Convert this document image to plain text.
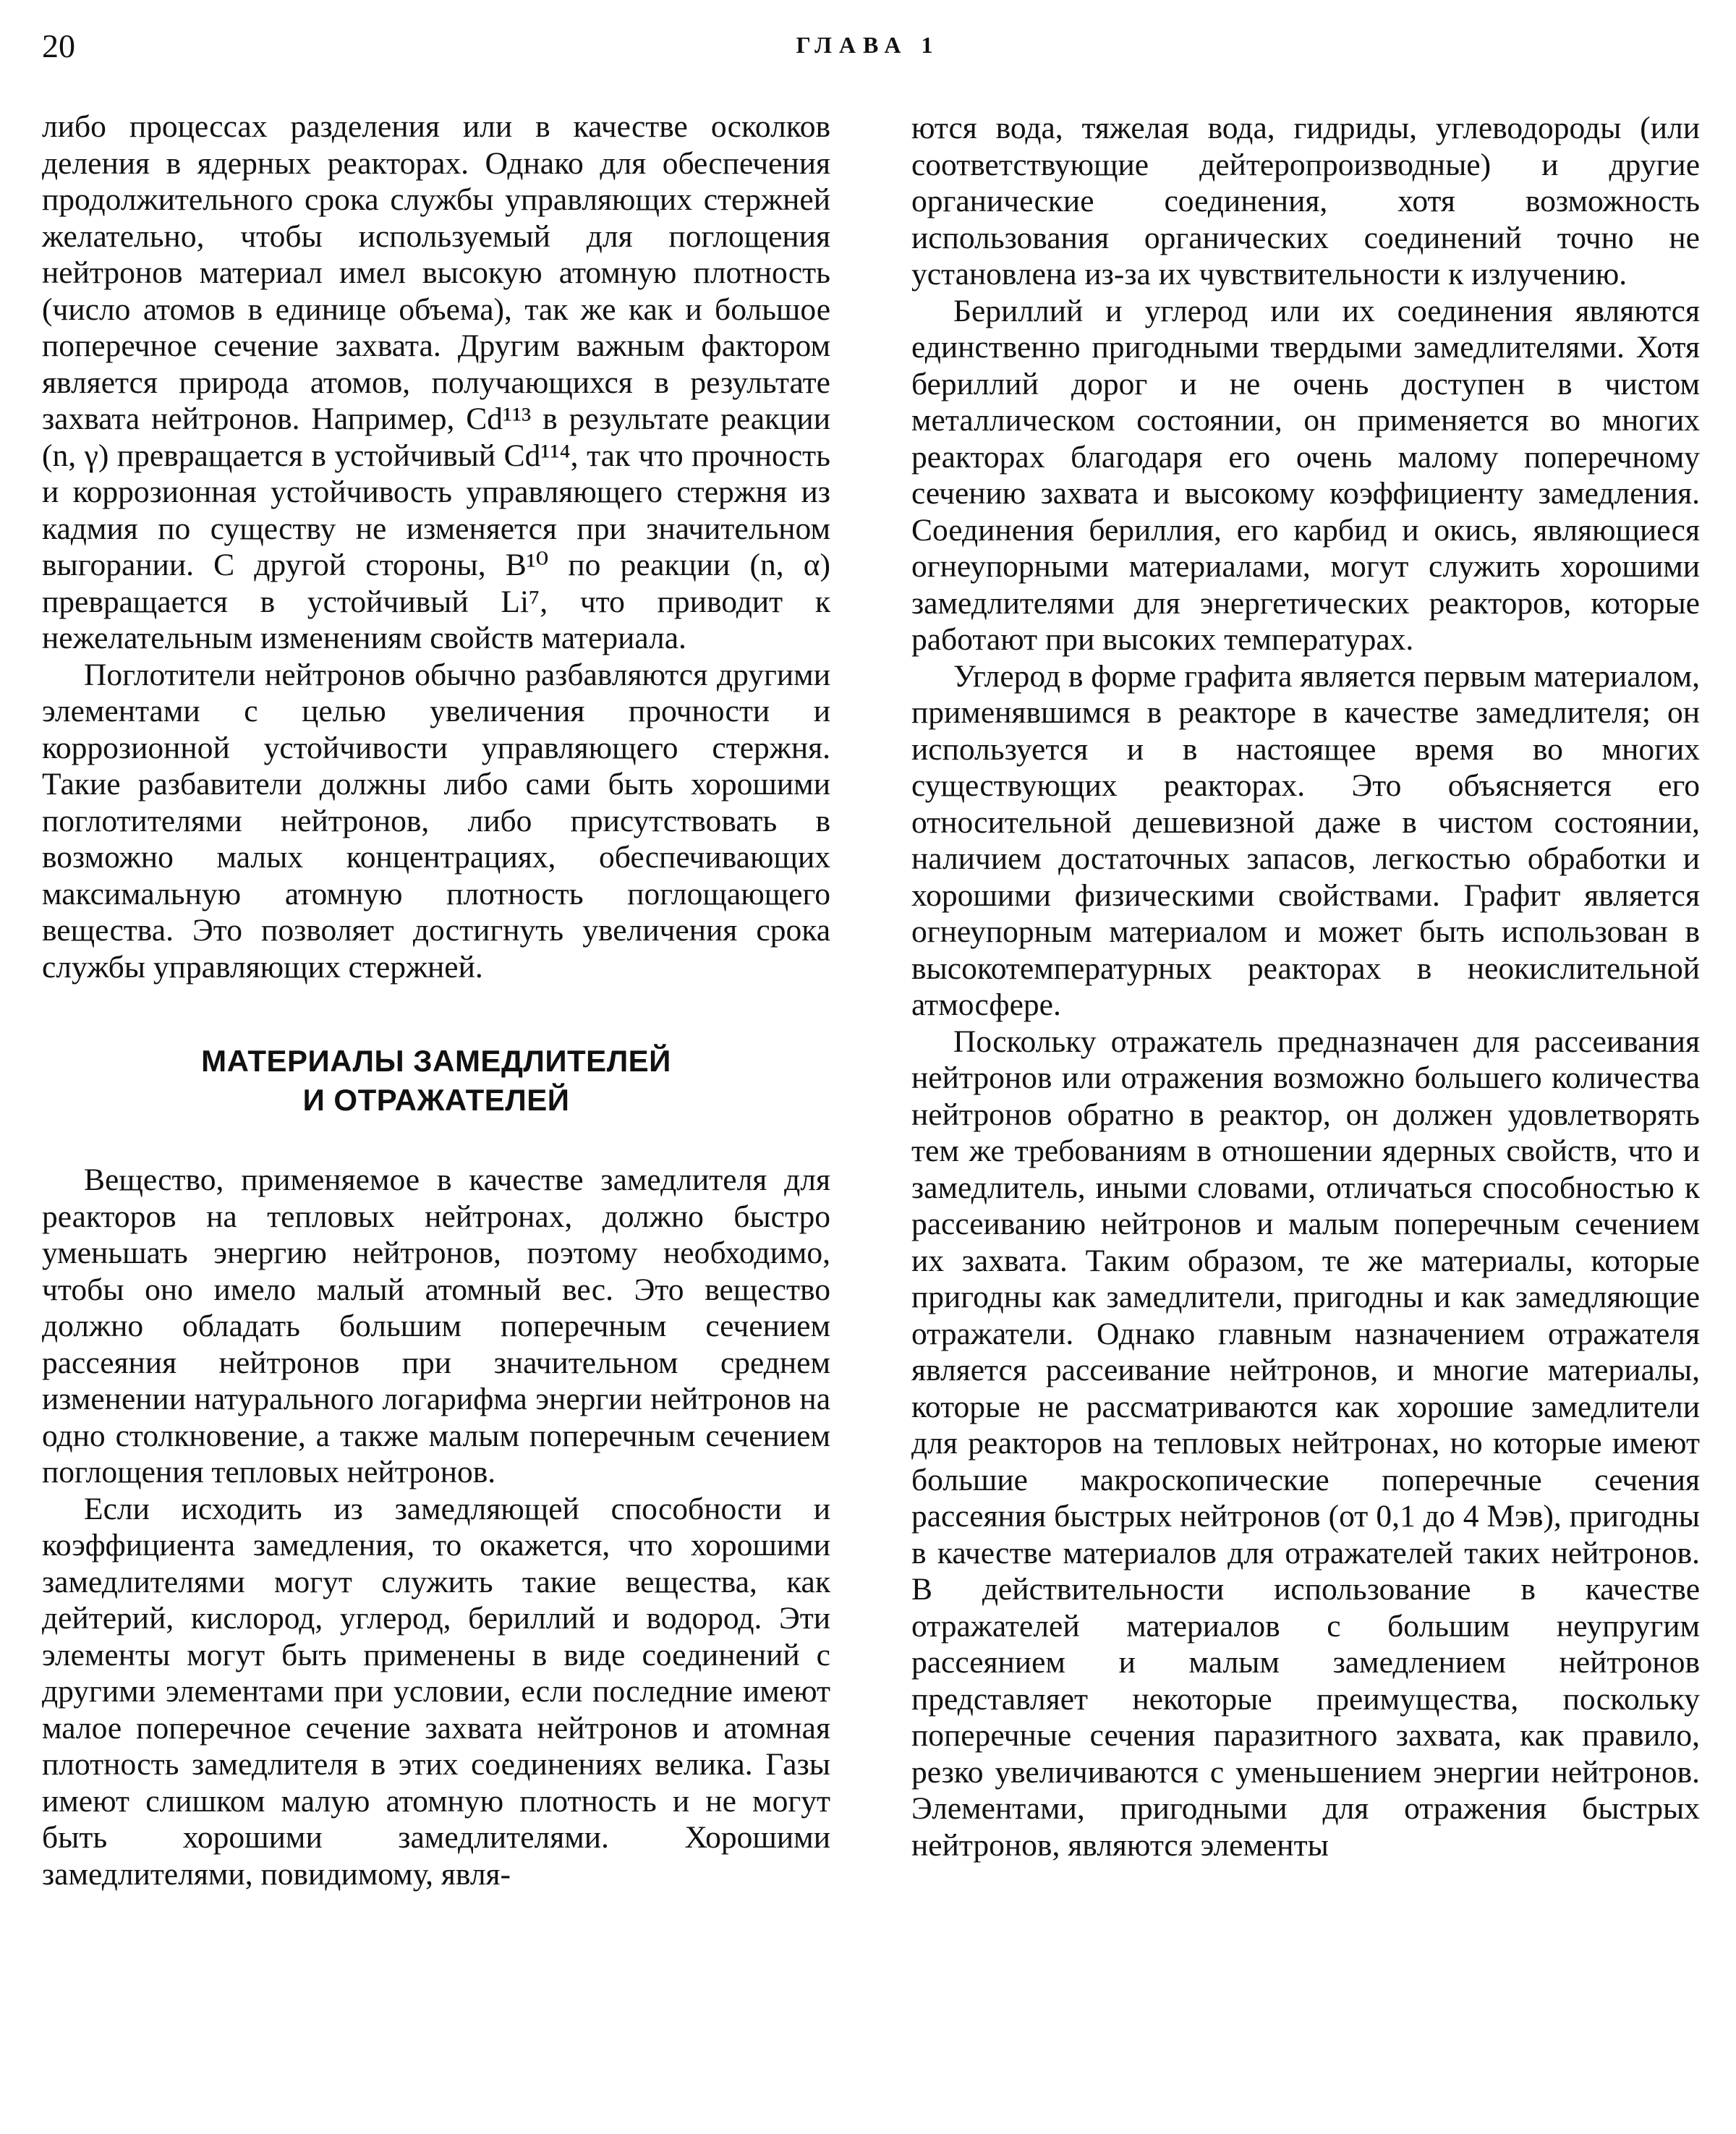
20	ГЛАВА 1

либо процессах разделения или в качестве осколков деления в ядерных реакторах. Однако для обеспечения продолжительного срока службы управляющих стержней желательно, чтобы используемый для поглощения нейтронов материал имел высокую атомную плотность (число атомов в единице объема), так же как и большое поперечное сечение захвата. Другим важным фактором является природа атомов, получающихся в результате захвата нейтронов. Например, Cd¹¹³ в результате реакции (n, γ) превращается в устойчивый Cd¹¹⁴, так что прочность и коррозионная устойчивость управляющего стержня из кадмия по существу не изменяется при значительном выгорании. С другой стороны, B¹⁰ по реакции (n, α) превращается в устойчивый Li⁷, что приводит к нежелательным изменениям свойств материала.

Поглотители нейтронов обычно разбавляются другими элементами с целью увеличения прочности и коррозионной устойчивости управляющего стержня. Такие разбавители должны либо сами быть хорошими поглотителями нейтронов, либо присутствовать в возможно малых концентрациях, обеспечивающих максимальную атомную плотность поглощающего вещества. Это позволяет достигнуть увеличения срока службы управляющих стержней.

МАТЕРИАЛЫ ЗАМЕДЛИТЕЛЕЙ
И ОТРАЖАТЕЛЕЙ

Вещество, применяемое в качестве замедлителя для реакторов на тепловых нейтронах, должно быстро уменьшать энергию нейтронов, поэтому необходимо, чтобы оно имело малый атомный вес. Это вещество должно обладать большим поперечным сечением рассеяния нейтронов при значительном среднем изменении натурального логарифма энергии нейтронов на одно столкновение, а также малым поперечным сечением поглощения тепловых нейтронов.

Если исходить из замедляющей способности и коэффициента замедления, то окажется, что хорошими замедлителями могут служить такие вещества, как дейтерий, кислород, углерод, бериллий и водород. Эти элементы могут быть применены в виде соединений с другими элементами при условии, если последние имеют малое поперечное сечение захвата нейтронов и атомная плотность замедлителя в этих соединениях велика. Газы имеют слишком малую атомную плотность и не могут быть хорошими замедлителями. Хорошими замедлителями, повидимому, явля-

ются вода, тяжелая вода, гидриды, углеводороды (или соответствующие дейтеропроизводные) и другие органические соединения, хотя возможность использования органических соединений точно не установлена из-за их чувствительности к излучению.

Бериллий и углерод или их соединения являются единственно пригодными твердыми замедлителями. Хотя бериллий дорог и не очень доступен в чистом металлическом состоянии, он применяется во многих реакторах благодаря его очень малому поперечному сечению захвата и высокому коэффициенту замедления. Соединения бериллия, его карбид и окись, являющиеся огнеупорными материалами, могут служить хорошими замедлителями для энергетических реакторов, которые работают при высоких температурах.

Углерод в форме графита является первым материалом, применявшимся в реакторе в качестве замедлителя; он используется и в настоящее время во многих существующих реакторах. Это объясняется его относительной дешевизной даже в чистом состоянии, наличием достаточных запасов, легкостью обработки и хорошими физическими свойствами. Графит является огнеупорным материалом и может быть использован в высокотемпературных реакторах в неокислительной атмосфере.

Поскольку отражатель предназначен для рассеивания нейтронов или отражения возможно большего количества нейтронов обратно в реактор, он должен удовлетворять тем же требованиям в отношении ядерных свойств, что и замедлитель, иными словами, отличаться способностью к рассеиванию нейтронов и малым поперечным сечением их захвата. Таким образом, те же материалы, которые пригодны как замедлители, пригодны и как замедляющие отражатели. Однако главным назначением отражателя является рассеивание нейтронов, и многие материалы, которые не рассматриваются как хорошие замедлители для реакторов на тепловых нейтронах, но которые имеют большие макроскопические поперечные сечения рассеяния быстрых нейтронов (от 0,1 до 4 Мэв), пригодны в качестве материалов для отражателей таких нейтронов. В действительности использование в качестве отражателей материалов с большим неупругим рассеянием и малым замедлением нейтронов представляет некоторые преимущества, поскольку поперечные сечения паразитного захвата, как правило, резко увеличиваются с уменьшением энергии нейтронов. Элементами, пригодными для отражения быстрых нейтронов, являются элементы
